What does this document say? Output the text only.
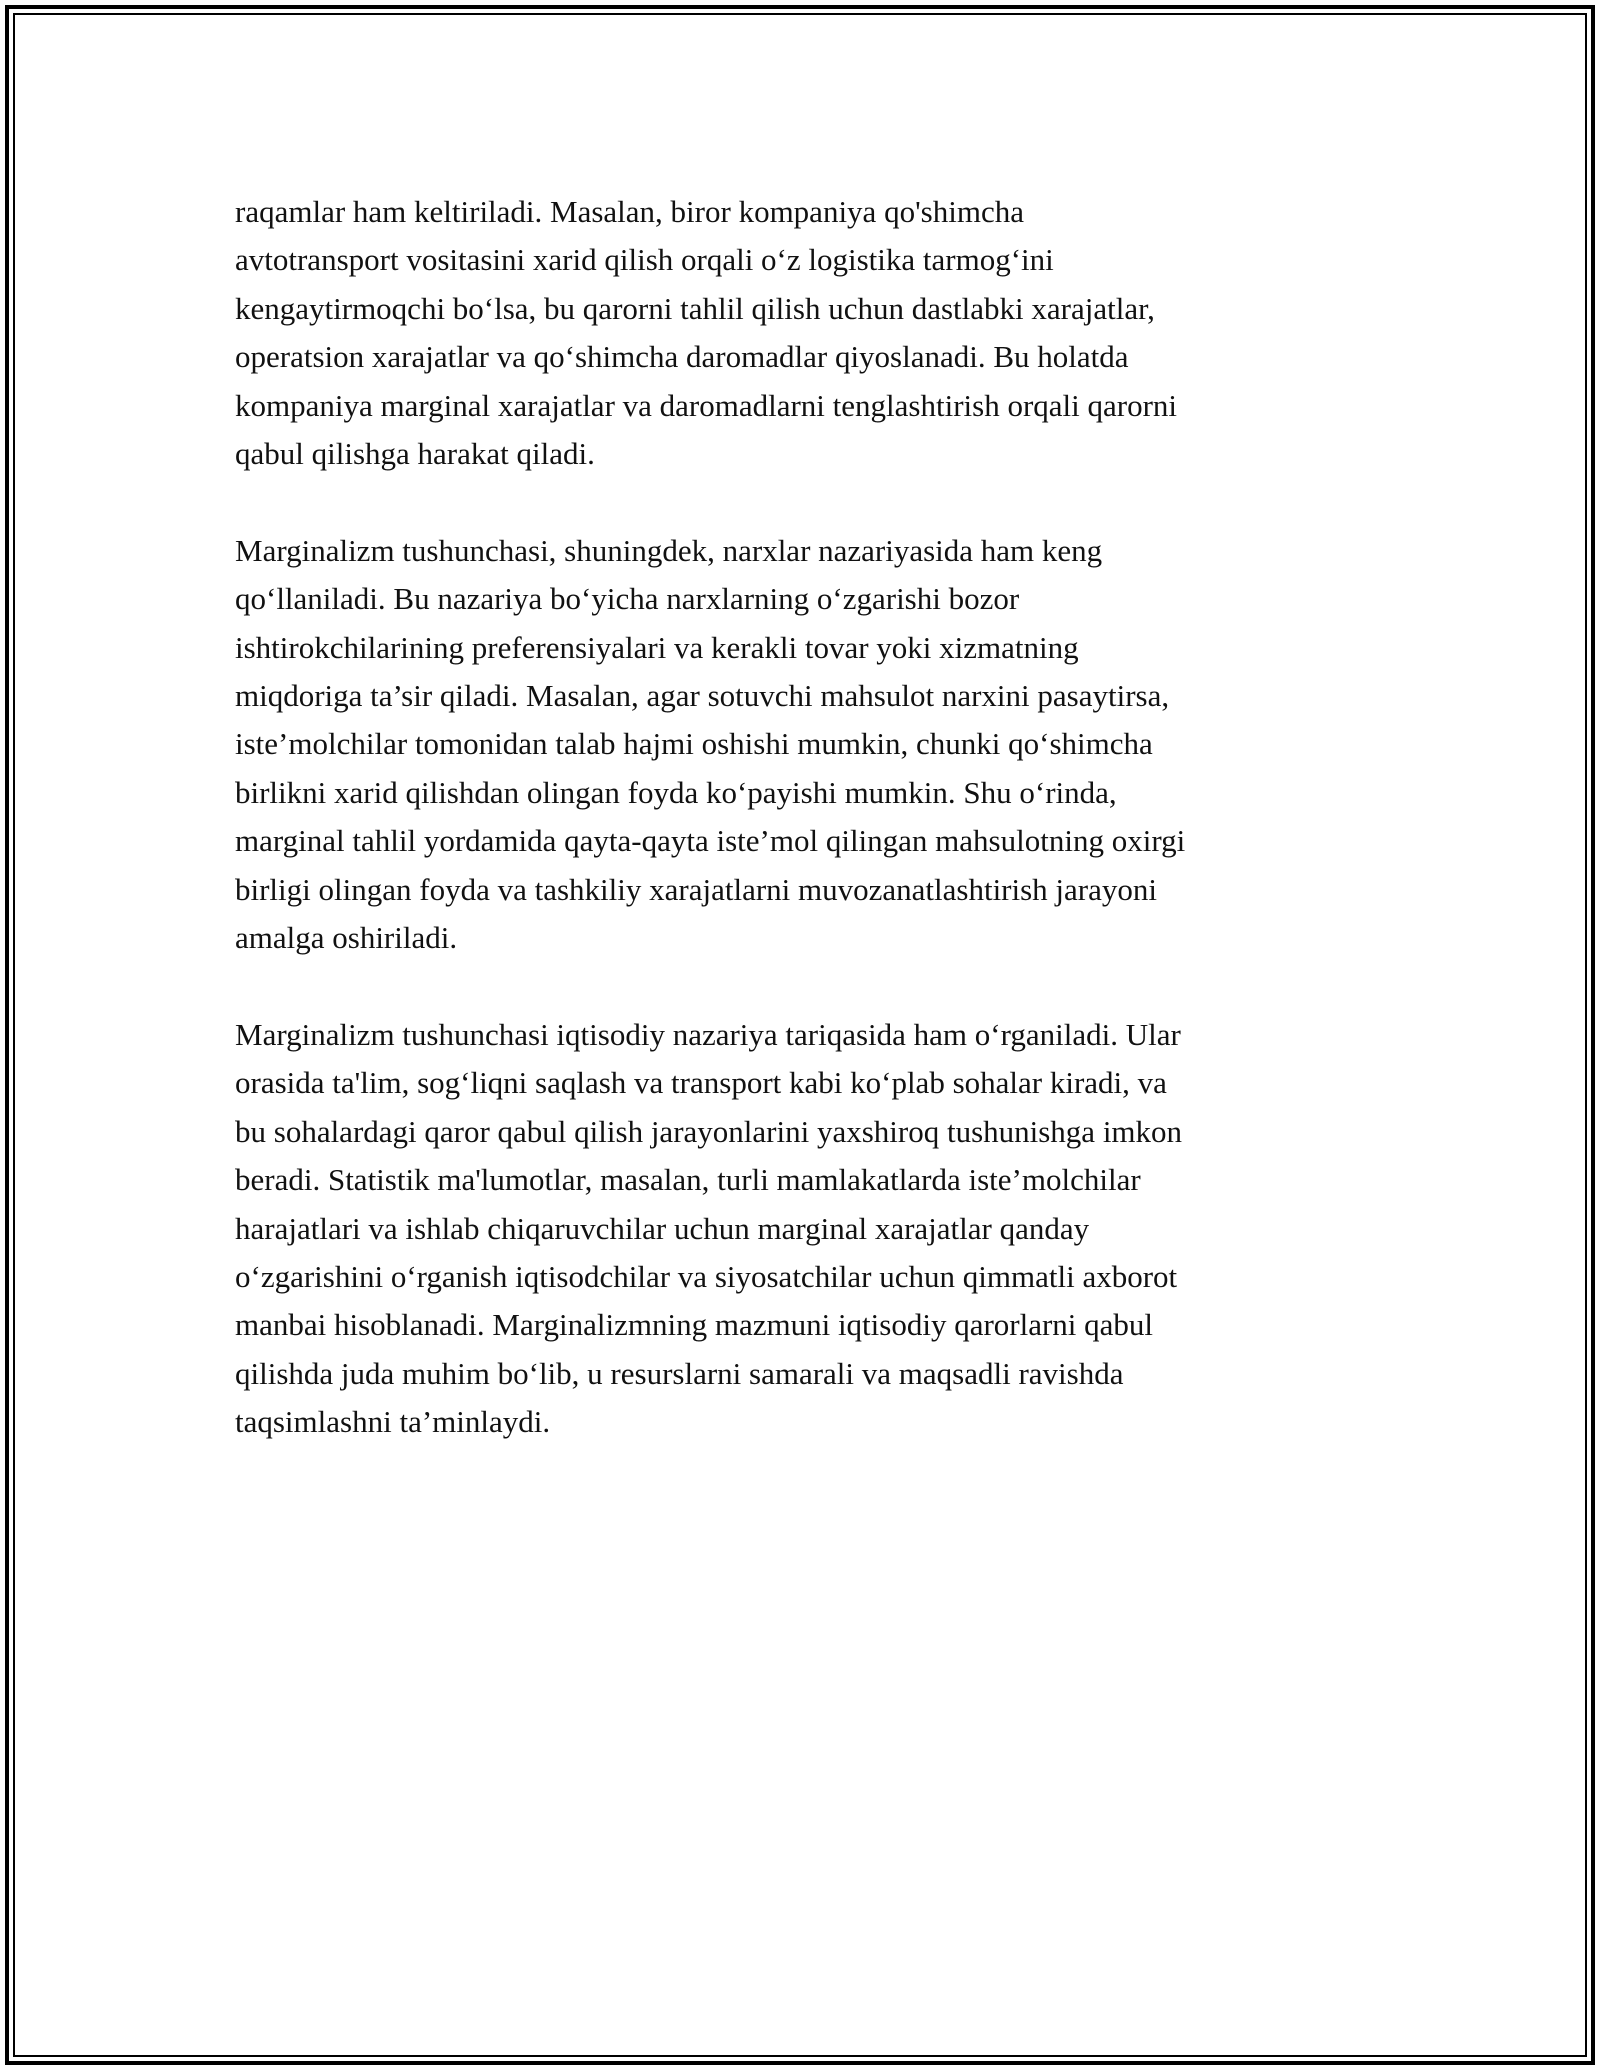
raqamlar ham keltiriladi. Masalan, biror kompaniya qo'shimcha
avtotransport vositasini xarid qilish orqali o‘z logistika tarmog‘ini
kengaytirmoqchi bo‘lsa, bu qarorni tahlil qilish uchun dastlabki xarajatlar,
operatsion xarajatlar va qo‘shimcha daromadlar qiyoslanadi. Bu holatda
kompaniya marginal xarajatlar va daromadlarni tenglashtirish orqali qarorni
qabul qilishga harakat qiladi.

Marginalizm tushunchasi, shuningdek, narxlar nazariyasida ham keng
qo‘llaniladi. Bu nazariya bo‘yicha narxlarning o‘zgarishi bozor
ishtirokchilarining preferensiyalari va kerakli tovar yoki xizmatning
miqdoriga ta’sir qiladi. Masalan, agar sotuvchi mahsulot narxini pasaytirsa,
iste’molchilar tomonidan talab hajmi oshishi mumkin, chunki qo‘shimcha
birlikni xarid qilishdan olingan foyda ko‘payishi mumkin. Shu o‘rinda,
marginal tahlil yordamida qayta-qayta iste’mol qilingan mahsulotning oxirgi
birligi olingan foyda va tashkiliy xarajatlarni muvozanatlashtirish jarayoni
amalga oshiriladi.

Marginalizm tushunchasi iqtisodiy nazariya tariqasida ham o‘rganiladi. Ular
orasida ta'lim, sog‘liqni saqlash va transport kabi ko‘plab sohalar kiradi, va
bu sohalardagi qaror qabul qilish jarayonlarini yaxshiroq tushunishga imkon
beradi. Statistik ma'lumotlar, masalan, turli mamlakatlarda iste’molchilar
harajatlari va ishlab chiqaruvchilar uchun marginal xarajatlar qanday
o‘zgarishini o‘rganish iqtisodchilar va siyosatchilar uchun qimmatli axborot
manbai hisoblanadi. Marginalizmning mazmuni iqtisodiy qarorlarni qabul
qilishda juda muhim bo‘lib, u resurslarni samarali va maqsadli ravishda
taqsimlashni ta’minlaydi.
